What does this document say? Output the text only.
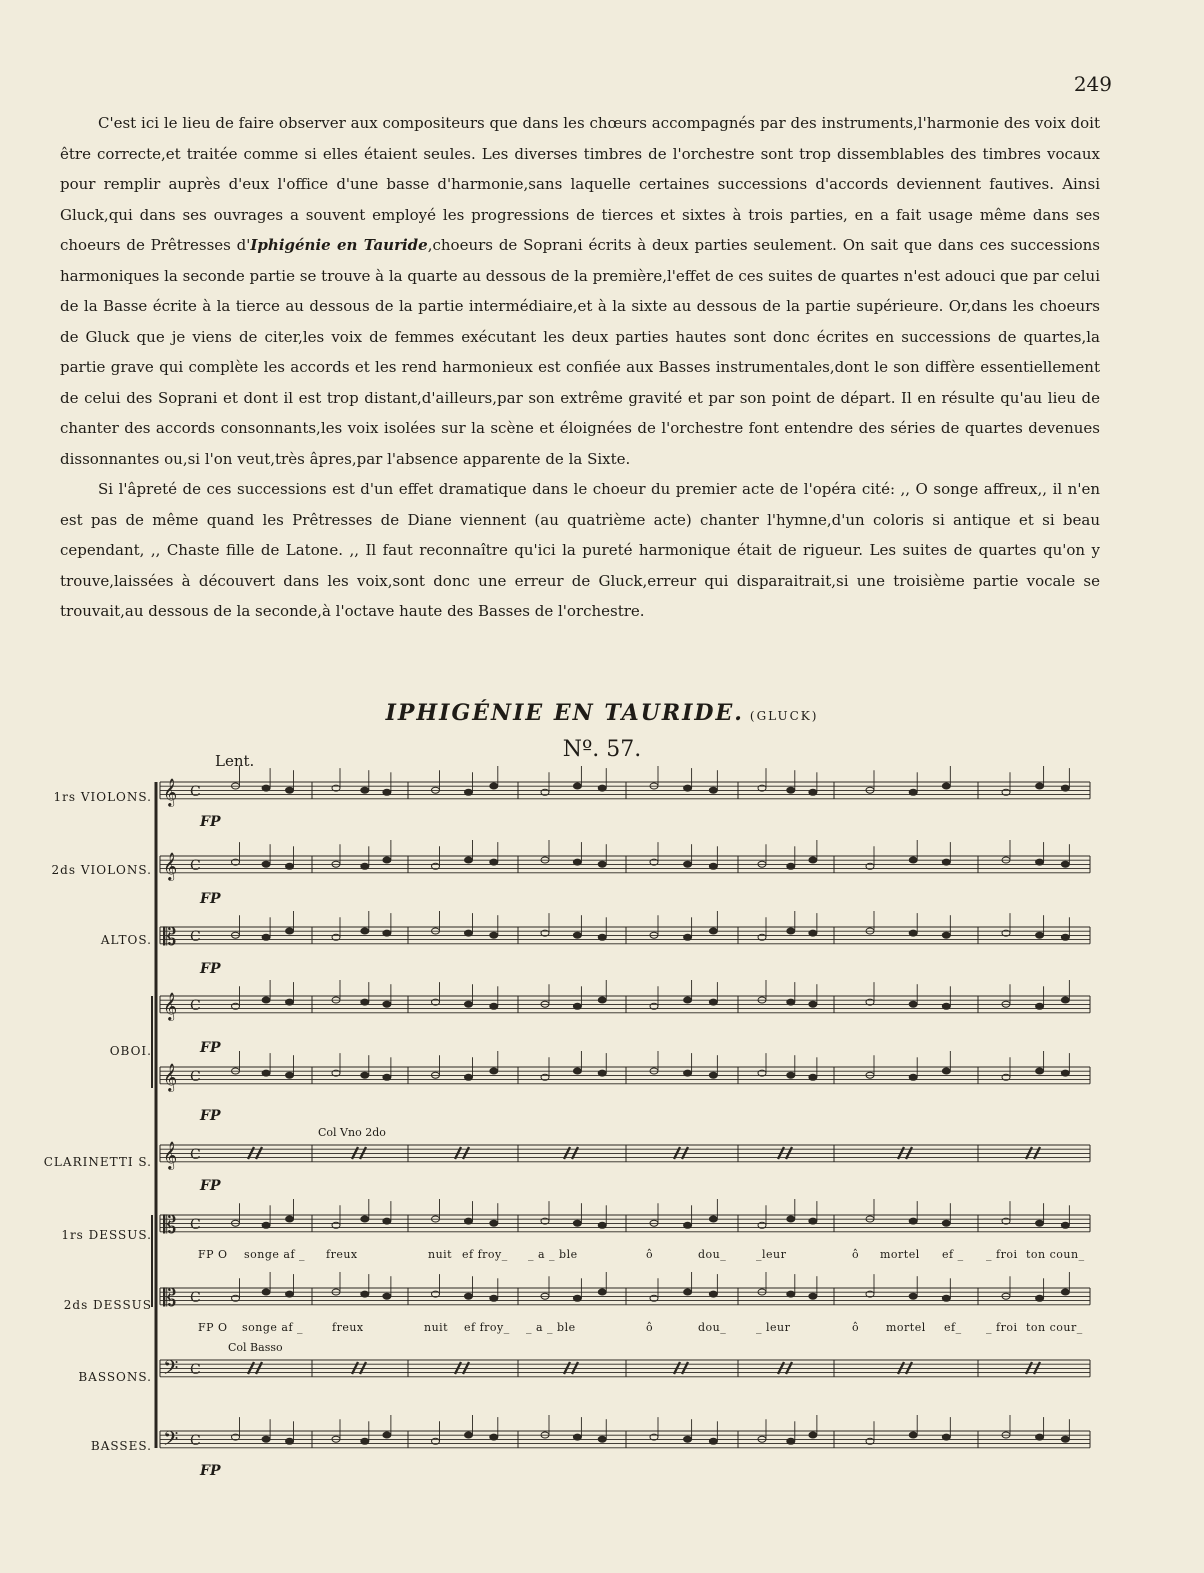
249

C'est ici le lieu de faire observer aux compositeurs que dans les chœurs accompagnés par des instruments,l'harmonie des voix doit être correcte,et traitée comme si elles étaient seules. Les diverses timbres de l'orchestre sont trop dissemblables des timbres vocaux pour remplir auprès d'eux l'office d'une basse d'harmonie,sans laquelle certaines successions d'accords deviennent fautives. Ainsi Gluck,qui dans ses ouvrages a souvent employé les progressions de tierces et sixtes à trois parties, en a fait usage même dans ses choeurs de Prêtresses d'Iphigénie en Tauride,choeurs de Soprani écrits à deux parties seulement. On sait que dans ces successions harmoniques la seconde partie se trouve à la quarte au dessous de la première,l'effet de ces suites de quartes n'est adouci que par celui de la Basse écrite à la tierce au dessous de la partie intermédiaire,et à la sixte au dessous de la partie supérieure. Or,dans les choeurs de Gluck que je viens de citer,les voix de femmes exécutant les deux parties hautes sont donc écrites en successions de quartes,la partie grave qui complète les accords et les rend harmonieux est confiée aux Basses instrumentales,dont le son diffère essentiellement de celui des Soprani et dont il est trop distant,d'ailleurs,par son extrême gravité et par son point de départ. Il en résulte qu'au lieu de chanter des accords consonnants,les voix isolées sur la scène et éloignées de l'orchestre font entendre des séries de quartes devenues dissonnantes ou,si l'on veut,très âpres,par l'absence apparente de la Sixte.

Si l'âpreté de ces successions est d'un effet dramatique dans le choeur du premier acte de l'opéra cité: ,, O songe affreux,, il n'en est pas de même quand les Prêtresses de Diane viennent (au quatrième acte) chanter l'hymne,d'un coloris si antique et si beau cependant, ,, Chaste fille de Latone. ,, Il faut reconnaître qu'ici la pureté harmonique était de rigueur. Les suites de quartes qu'on y trouve,laissées à découvert dans les voix,sont donc une erreur de Gluck,erreur qui disparaitrait,si une troisième partie vocale se trouvait,au dessous de la seconde,à l'octave haute des Basses de l'orchestre.

IPHIGÉNIE EN TAURIDE. (GLUCK)
Nº. 57.
Lent.
1rs VIOLONS.
2ds VIOLONS.
ALTOS.
OBOI.
CLARINETTI S.
1rs DESSUS.
2ds DESSUS
BASSONS.
BASSES.
FP
FP
FP
FP
FP
FP
FP
Col Vno 2do
Col Basso
FP O songe af _ freux	nuit ef froy_ _ a _ ble	ô	dou_	_leur	ô mortel ef _ _ froi ton coun_
FP O songe af _	freux	nuit ef froy_ _ a _ ble	ô	dou_	_ leur	ô mortel ef_ _ froi ton cour_
𝄞 C
𝄞 C
𝄡 C
𝄞 C
𝄞 C
𝄞 C
𝄡 C
𝄡 C
𝄢 C
𝄢 C
